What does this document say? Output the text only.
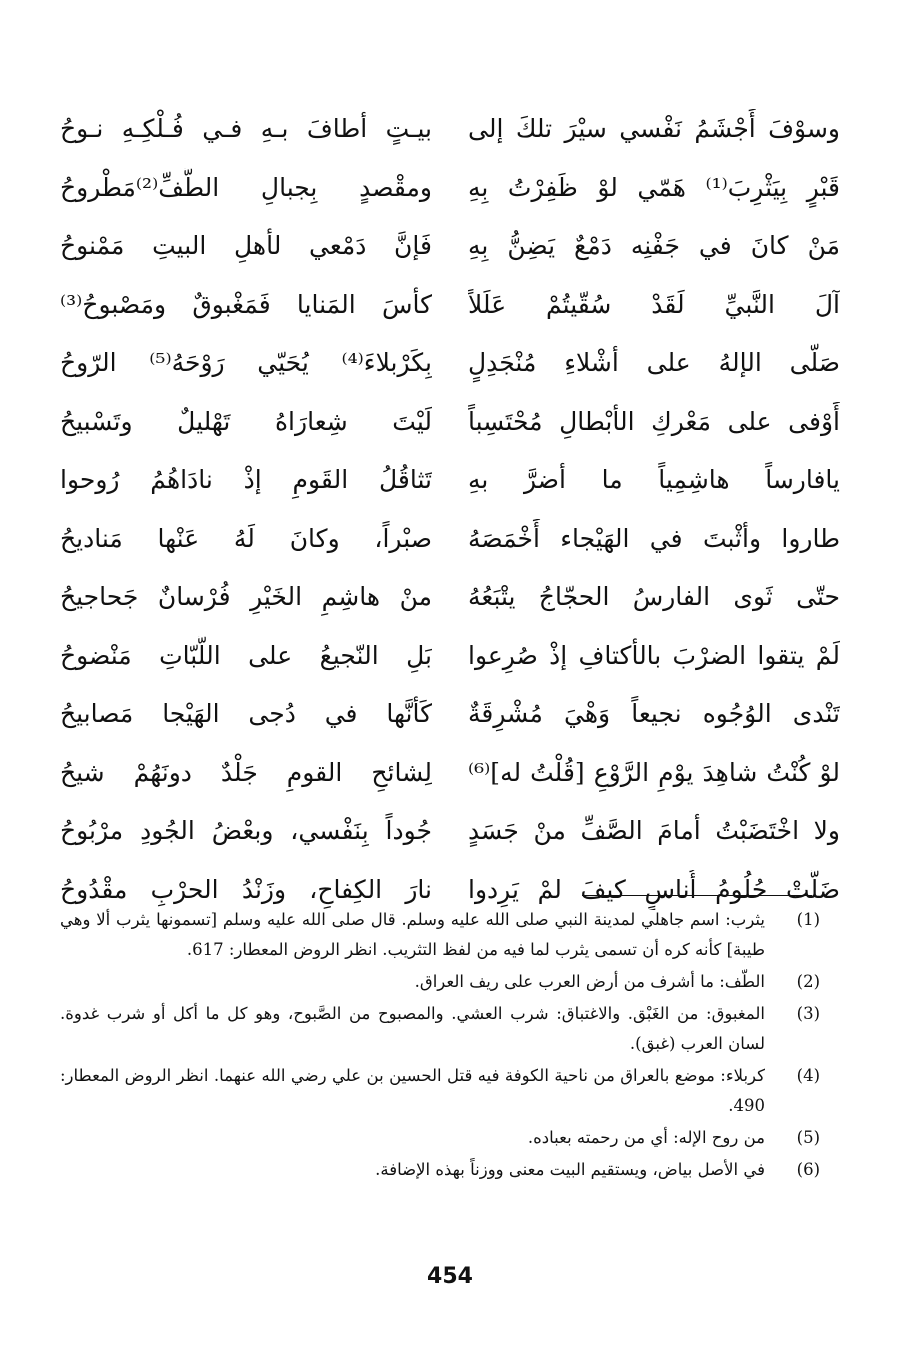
وسوْفَ أَجْشَمُ نَفْسي سيْرَ تلكَ إلى
بيـتٍ أطافَ بـهِ فـي فُـلْكِـهِ نـوحُ
قَبْرٍ بِيَثْرِبَ⁽¹⁾ هَمّي لوْ ظَفِرْتُ بِهِ
ومقْصدٍ بِجبالِ الطَّفِّ⁽²⁾مَطْروحُ
مَنْ كانَ في جَفْنِه دَمْعٌ يَضِنُّ بِهِ
فَإنَّ دَمْعي لأهلِ البيتِ مَمْنوحُ
آلَ النَّبيِّ لَقَدْ سُقّيتُمْ عَلَلاً
كأسَ المَنايا فَمَغْبوقٌ ومَصْبوحُ⁽³⁾
صَلّى الإلهُ على أشْلاءِ مُنْجَدِلٍ
بِكَرْبلاءَ⁽⁴⁾ يُحَيّي رَوْحَهُ⁽⁵⁾ الرّوحُ
أَوْفى على مَعْركِ الأبْطالِ مُحْتَسِباً
لَيْتَ شِعارَاهُ تَهْليلٌ وتَسْبيحُ
يافارساً هاشِمِياً ما أضرَّ بهِ
تَثاقُلُ القَومِ إذْ نادَاهُمُ رُوحوا
طاروا وأثْبتَ في الهَيْجاء أَخْمَصَهُ
صبْراً، وكانَ لَهُ عَنْها مَناديحُ
حتّى ثَوى الفارسُ الحجّاجُ يتْبَعُهُ
منْ هاشِمِ الخَيْرِ فُرْسانٌ جَحاجيحُ
لَمْ يتقوا الضرْبَ بالأكتافِ إذْ صُرِعوا
بَلِ النّجيعُ على اللَّبّاتِ مَنْضوحُ
تَنْدى الوُجُوه نجيعاً وَهْيَ مُشْرِقَةٌ
كَأنَّها في دُجى الهَيْجا مَصابيحُ
لوْ كُنْتُ شاهِدَ يوْمِ الرَّوْعِ [قُلْتُ له]⁽⁶⁾
لِشائحِ القومِ جَلْدٌ دونَهُمْ شيحُ
ولا اخْتَضَبْتُ أمامَ الصَّفِّ منْ جَسَدٍ
جُوداً بِنَفْسي، وبعْضُ الجُودِ مرْبُوحُ
ضَلَّتْ حُلُومُ أُناسٍ كيفَ لمْ يَرِدوا
نارَ الكِفاحِ، وزَنْدُ الحرْبِ مقْدُوحُ
(1)
يثرب: اسم جاهلي لمدينة النبي صلى الله عليه وسلم. قال صلى الله عليه وسلم [تسمونها يثرب ألا وهي طيبة] كأنه كره أن تسمى يثرب لما فيه من لفظ التثريب. انظر الروض المعطار: 617.
(2)
الطّف: ما أشرف من أرض العرب على ريف العراق.
(3)
المغبوق: من الغَبْق. والاغتباق: شرب العشي. والمصبوح من الصَّبوح، وهو كل ما أكل أو شرب غدوة. لسان العرب (غبق).
(4)
كربلاء: موضع بالعراق من ناحية الكوفة فيه قتل الحسين بن علي رضي الله عنهما. انظر الروض المعطار: 490.
(5)
من روح الإله: أي من رحمته بعباده.
(6)
في الأصل بياض، ويستقيم البيت معنى ووزناً بهذه الإضافة.
454
